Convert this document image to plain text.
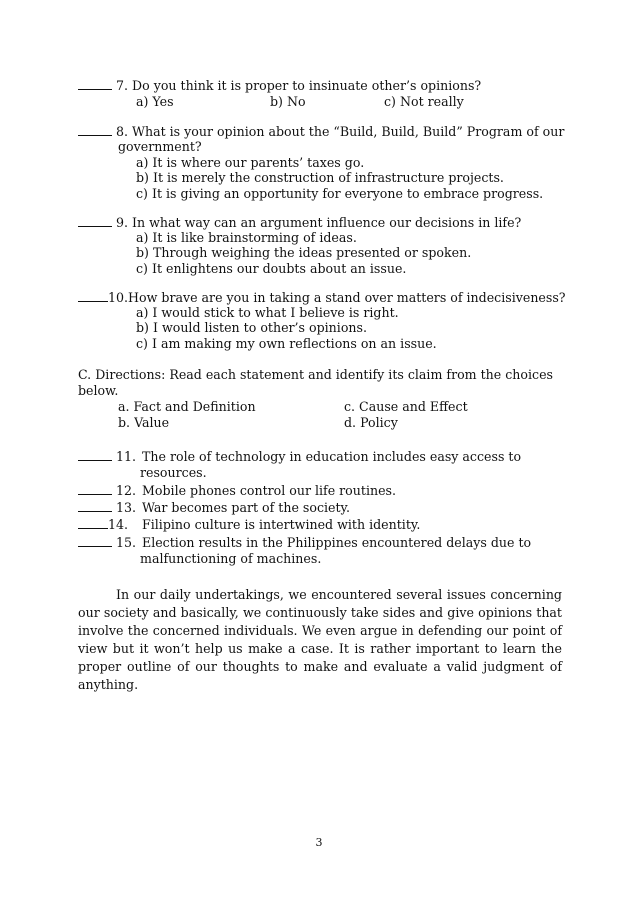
7. Do you think it is proper to insinuate other’s opinions?
a) Yes	b) No	c) Not really
8. What is your opinion about the “Build, Build, Build” Program of our
government?
a) It is where our parents’ taxes go.
b) It is merely the construction of infrastructure projects.
c) It is giving an opportunity for everyone to embrace progress.
9. In what way can an argument influence our decisions in life?
a) It is like brainstorming of ideas.
b) Through weighing the ideas presented or spoken.
c) It enlightens our doubts about an issue.
10.How brave are you in taking a stand over matters of indecisiveness?
a) I would stick to what I believe is right.
b) I would listen to other’s opinions.
c) I am making my own reflections on an issue.
C. Directions: Read each statement and identify its claim from the choices
below.
a. Fact and Definition	c. Cause and Effect
b. Value	d. Policy
11. The role of technology in education includes easy access to
resources.
12. Mobile phones control our life routines.
13. War becomes part of the society.
14. Filipino culture is intertwined with identity.
15. Election results in the Philippines encountered delays due to
malfunctioning of machines.
In our daily undertakings, we encountered several issues concerning our society and basically, we continuously take sides and give opinions that involve the concerned individuals. We even argue in defending our point of view but it won’t help us make a case. It is rather important to learn the proper outline of our thoughts to make and evaluate a valid judgment of anything.
3
